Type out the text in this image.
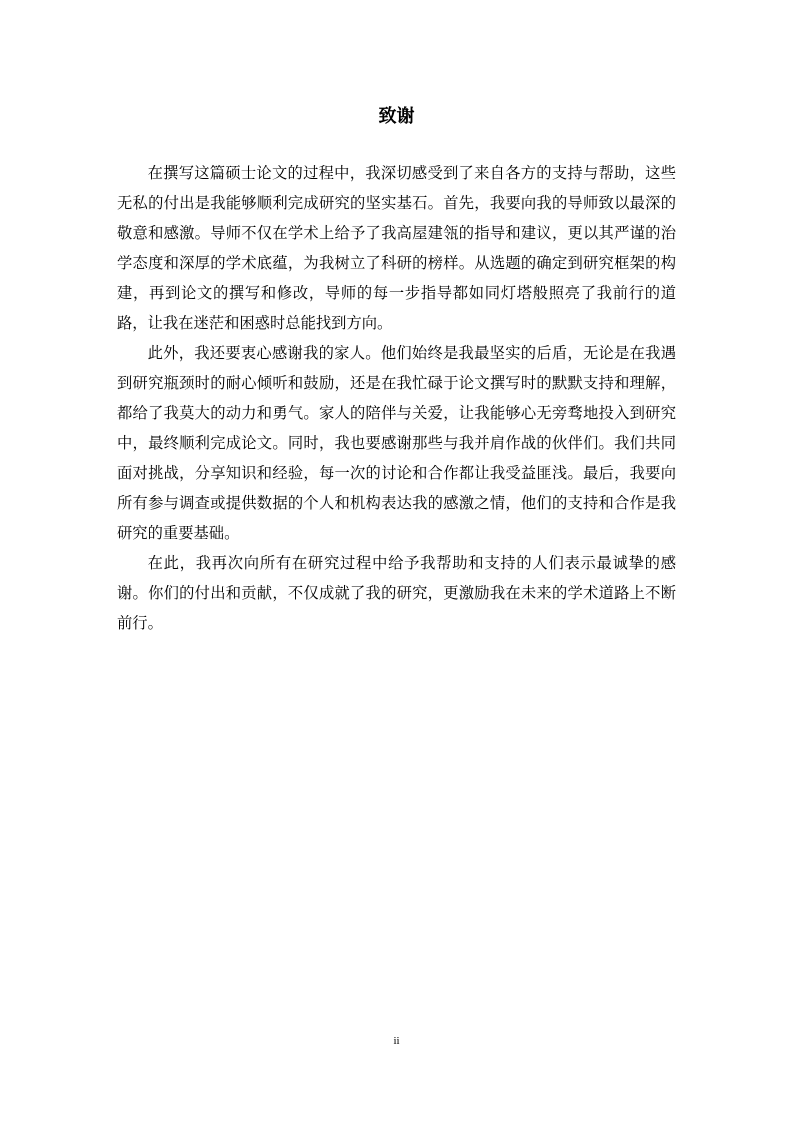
致谢

在撰写这篇硕士论文的过程中，我深切感受到了来自各方的支持与帮助，这些无私的付出是我能够顺利完成研究的坚实基石。首先，我要向我的导师致以最深的敬意和感激。导师不仅在学术上给予了我高屋建瓴的指导和建议，更以其严谨的治学态度和深厚的学术底蕴，为我树立了科研的榜样。从选题的确定到研究框架的构建，再到论文的撰写和修改，导师的每一步指导都如同灯塔般照亮了我前行的道路，让我在迷茫和困惑时总能找到方向。

此外，我还要衷心感谢我的家人。他们始终是我最坚实的后盾，无论是在我遇到研究瓶颈时的耐心倾听和鼓励，还是在我忙碌于论文撰写时的默默支持和理解，都给了我莫大的动力和勇气。家人的陪伴与关爱，让我能够心无旁骛地投入到研究中，最终顺利完成论文。同时，我也要感谢那些与我并肩作战的伙伴们。我们共同面对挑战，分享知识和经验，每一次的讨论和合作都让我受益匪浅。最后，我要向所有参与调查或提供数据的个人和机构表达我的感激之情，他们的支持和合作是我研究的重要基础。

在此，我再次向所有在研究过程中给予我帮助和支持的人们表示最诚挚的感谢。你们的付出和贡献，不仅成就了我的研究，更激励我在未来的学术道路上不断前行。

ii
